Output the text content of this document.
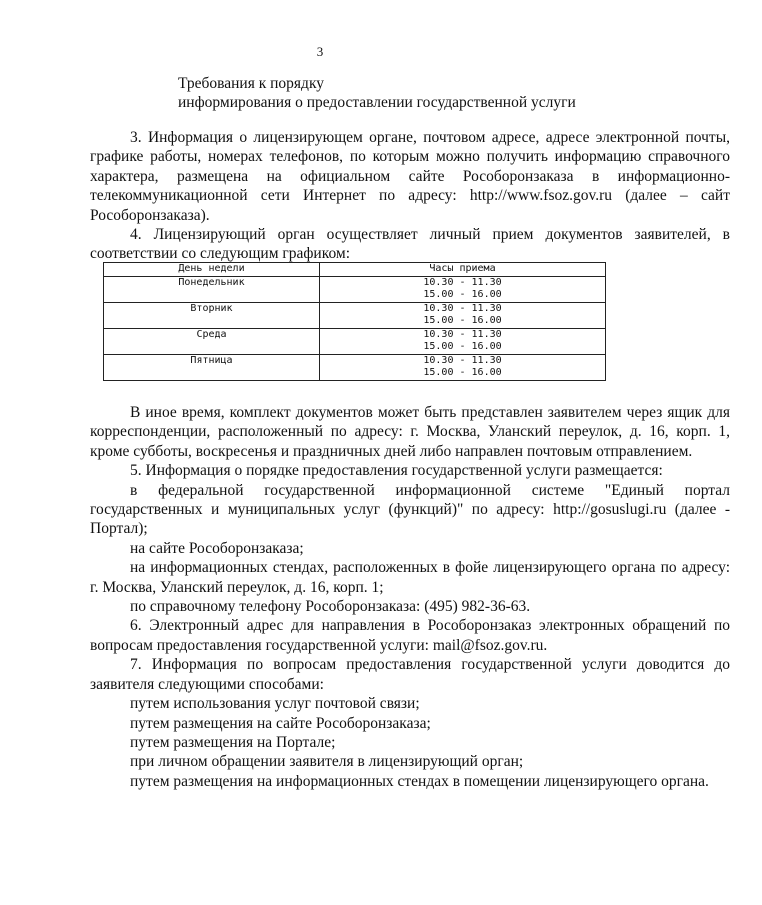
3
Требования к порядку
информирования о предоставлении государственной услуги

3. Информация о лицензирующем органе, почтовом адресе, адресе электронной почты, графике работы, номерах телефонов, по которым можно получить информацию справочного характера, размещена на официальном сайте Рособоронзаказа в информационно-телекоммуникационной сети Интернет по адресу: http://www.fsoz.gov.ru (далее – сайт Рособоронзаказа).

4. Лицензирующий орган осуществляет личный прием документов заявителей, в соответствии со следующим графиком:

День недели	Часы приема
Понедельник	10.30 - 11.30
15.00 - 16.00

Вторник	10.30 - 11.30
15.00 - 16.00

Среда	10.30 - 11.30
15.00 - 16.00

Пятница	10.30 - 11.30
15.00 - 16.00

В иное время, комплект документов может быть представлен заявителем через ящик для корреспонденции, расположенный по адресу: г. Москва, Уланский переулок, д. 16, корп. 1, кроме субботы, воскресенья и праздничных дней либо направлен почтовым отправлением.

5. Информация о порядке предоставления государственной услуги размещается:

в федеральной государственной информационной системе "Единый портал государственных и муниципальных услуг (функций)" по адресу: http://gosuslugi.ru (далее - Портал);

на сайте Рособоронзаказа;

на информационных стендах, расположенных в фойе лицензирующего органа по адресу: г. Москва, Уланский переулок, д. 16, корп. 1;

по справочному телефону Рособоронзаказа: (495) 982-36-63.

6. Электронный адрес для направления в Рособоронзаказ электронных обращений по вопросам предоставления государственной услуги: mail@fsoz.gov.ru.

7. Информация по вопросам предоставления государственной услуги доводится до заявителя следующими способами:

путем использования услуг почтовой связи;

путем размещения на сайте Рособоронзаказа;

путем размещения на Портале;

при личном обращении заявителя в лицензирующий орган;

путем размещения на информационных стендах в помещении лицензирующего органа.
